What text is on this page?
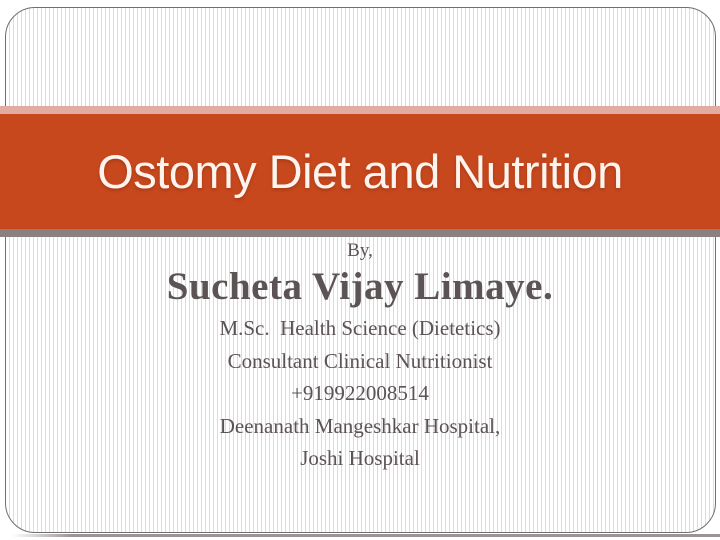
Ostomy Diet and Nutrition

By,

Sucheta Vijay Limaye.

M.Sc.  Health Science (Dietetics)

Consultant Clinical Nutritionist

+919922008514

Deenanath Mangeshkar Hospital,

Joshi Hospital
